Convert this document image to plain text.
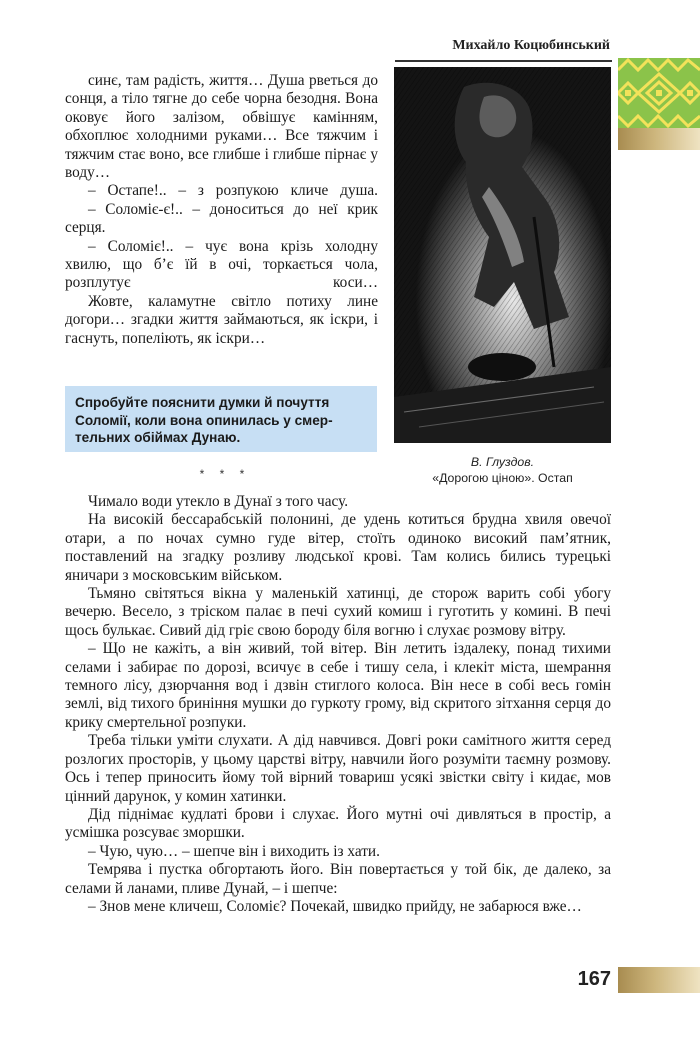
Михайло Коцюбинський

синє, там радість, життя… Душа рветься до сонця, а тіло тягне до себе чорна безодня. Вона оковує його залізом, обвішує камінням, обхоплює холодними руками… Все тяжчим і тяжчим стає воно, все глибше і глибше пірнає у воду…

– Остапе!.. – з розпукою кличе душа.

– Соломіє-є!.. – доноситься до неї крик серця.

– Соломіє!.. – чує вона крізь холодну хвилю, що б’є їй в очі, торкається чола, розплутує коси…

Жовте, каламутне світло потиху лине догори… згадки життя займаються, як іскри, і гаснуть, попеліють, як іскри…

Спробуйте пояснити думки й почуття
Соломії, коли вона опинилась у смер-
тельних обіймах Дунаю.
* * *
В. Глуздов.
«Дорогою ціною». Остап

Чимало води утекло в Дунаї з того часу.

На високій бессарабській полонині, де удень котиться брудна хвиля овечої отари, а по ночах сумно гуде вітер, стоїть одиноко високий пам’ятник, поставлений на згадку розливу людської крові. Там колись бились турецькі яничари з московським військом.

Тьмяно світяться вікна у маленькій хатинці, де сторож варить собі убогу вечерю. Весело, з тріском палає в печі сухий комиш і гуготить у комині. В печі щось булькає. Сивий дід гріє свою бороду біля вогню і слухає розмову вітру.

– Що не кажіть, а він живий, той вітер. Він летить іздалеку, понад тихими селами і забирає по дорозі, всичує в себе і тишу села, і клекіт міста, шемрання темного лісу, дзюрчання вод і дзвін стиглого колоса. Він несе в собі весь гомін землі, від тихого бриніння мушки до гуркоту грому, від скритого зітхання серця до крику смертельної розпуки.

Треба тільки уміти слухати. А дід навчився. Довгі роки самітного життя серед розлогих просторів, у цьому царстві вітру, навчили його розуміти таємну розмову. Ось і тепер приносить йому той вірний товариш усякі звістки світу і кидає, мов цінний дарунок, у комин хатинки.

Дід піднімає кудлаті брови і слухає. Його мутні очі дивляться в простір, а усмішка розсуває зморшки.

– Чую, чую… – шепче він і виходить із хати.

Темрява і пустка обгортають його. Він повертається у той бік, де далеко, за селами й ланами, пливе Дунай, – і шепче:

– Знов мене кличеш, Соломіє? Почекай, швидко прийду, не забарюся вже…

167
